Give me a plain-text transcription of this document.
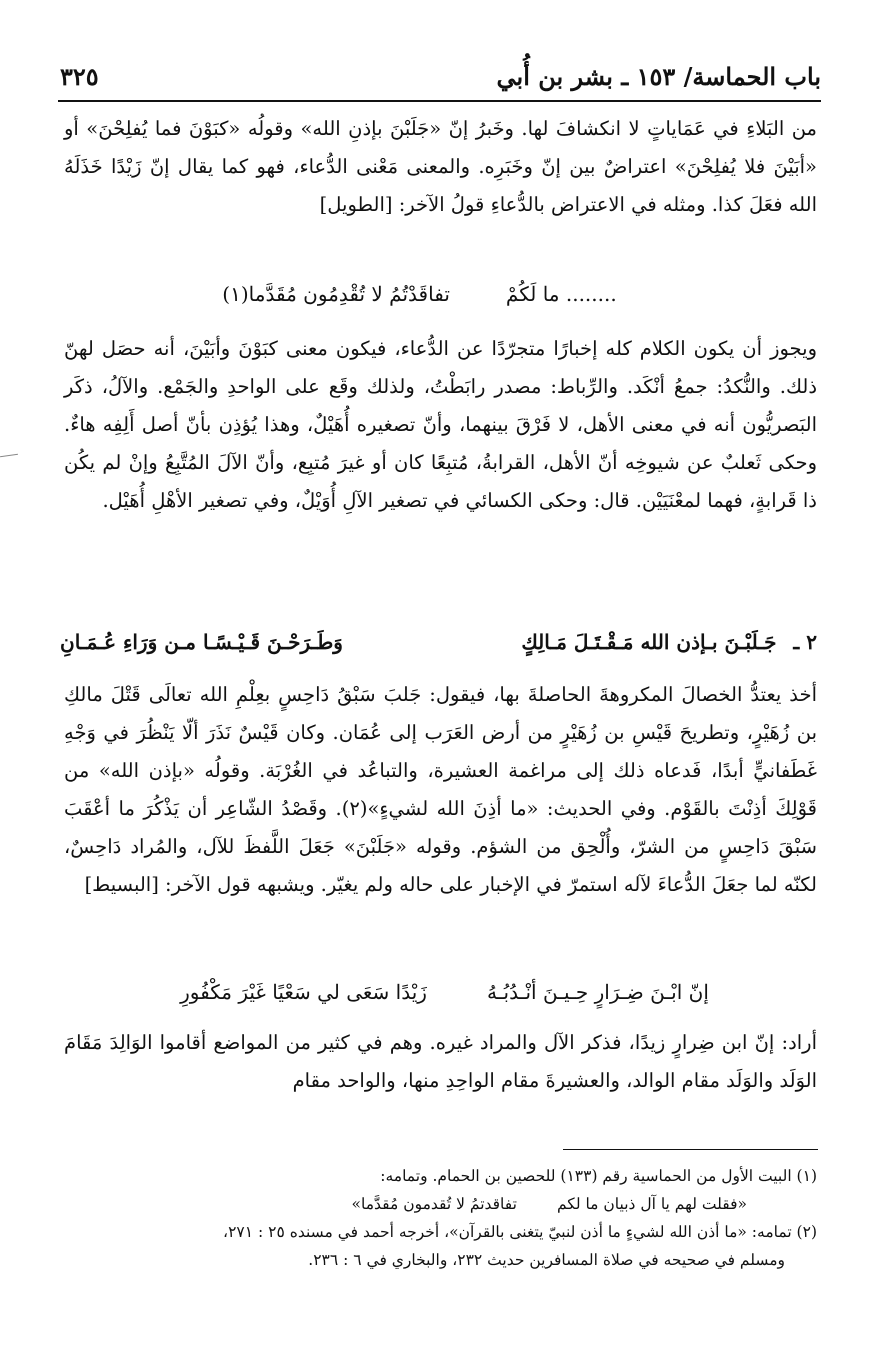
باب الحماسة/ ١٥٣ ـ بشر بن أُبي
٣٢٥
من البَلاءِ في عَمَاياتٍ لا انكشافَ لها. وخَبرُ إنّ «جَلَبْنَ بإذنِ الله» وقولُه «كبَوْنَ فما يُفلِحْنَ» أو «أبَيْنَ فلا يُفلِحْنَ» اعتراضٌ بين إنّ وخَبَرِه. والمعنى مَعْنى الدُّعاء، فهو كما يقال إنّ زَيْدًا خَذَلَهُ الله فعَلَ كذا. ومثله في الاعتراض بالدُّعاءِ قولُ الآخر: [الطويل]
........ ما لَكُمْ
تفاقَدْتُمُ لا تُقْدِمُون مُقَدَّما(١)
ويجوز أن يكون الكلام كله إخبارًا متجرّدًا عن الدُّعاء، فيكون معنى كبَوْنَ وأبَيْنَ، أنه حصَل لهنّ ذلك. والنُّكدُ: جمعُ أنْكَد. والرِّباط: مصدر رابَطْتُ، ولذلك وقَع على الواحدِ والجَمْع. والآلُ، ذكَر البَصريُّون أنه في معنى الأهل، لا فَرْقَ بينهما، وأنّ تصغيره أُهَيْلٌ، وهذا يُؤذِن بأنّ أصل أَلِفِه هاءٌ. وحكى ثَعلبٌ عن شيوخِه أنّ الأهل، القرابةُ، مُتبِعًا كان أو غيرَ مُتبِع، وأنّ الآلَ المُتَّبِعُ وإنْ لم يكُن ذا قَرابةٍ، فهما لمعْنَيَيْن. قال: وحكى الكسائي في تصغير الآلِ أُوَيْلٌ، وفي تصغير الأهْلِ أُهَيْل.
٢ ـ جَـلَبْـنَ بـإذن الله مَـقْـتَـلَ مَـالِكٍ
وَطَـرَحْـنَ قَـيْـسًـا مـن وَرَاءِ عُـمَـانِ
أخذ يعتدُّ الخصالَ المكروهةَ الحاصلةَ بها، فيقول: جَلبَ سَبْقُ دَاحِسٍ بعِلْمِ الله تعالَى قَتْلَ مالكِ بن زُهَيْرٍ، وتطريحَ قَيْسِ بن زُهَيْرٍ من أرض العَرَب إلى عُمَان. وكان قَيْسٌ نَذَرَ ألّا يَنْظُرَ في وَجْهِ غَطَفانيٍّ أبدًا، فَدعاه ذلك إلى مراغمة العشيرة، والتباعُد في الغُرْبَة. وقولُه «بإذن الله» من قَوْلِكَ أذِنْتَ بالقَوْم. وفي الحديث: «ما أذِنَ الله لشيءٍ»(٢). وقَصْدُ الشّاعِر أن يَذْكُرَ ما أعْقَبَ سَبْقَ دَاحِسٍ من الشرّ، وأُلْحِق من الشؤم. وقوله «جَلَبْنَ» جَعَلَ اللَّفظَ للآل، والمُراد دَاحِسٌ، لكنّه لما جعَلَ الدُّعاءَ لآله استمرّ في الإخبار على حاله ولم يغيّر. ويشبهه قول الآخر: [البسيط]
إنّ ابْـنَ ضِـرَارٍ حِـيـنَ أنْـدُبُـهُ
زَيْدًا سَعَى لي سَعْيًا غَيْرَ مَكْفُورِ
أراد: إنّ ابن ضِرارٍ زيدًا، فذكر الآل والمراد غيره. وهم في كثير من المواضع أقاموا الوَالِدَ مَقَامَ الوَلَد والوَلَد مقام الوالد، والعشيرةَ مقام الواحِدِ منها، والواحد مقام

(١) البيت الأول من الحماسية رقم (١٣٣) للحصين بن الحمام. وتمامه:

«فقلت لهم يا آل ذبيان ما لكم
تفاقدتمُ لا تُقدمون مُقدَّما»

(٢) تمامه: «ما أذن الله لشيءٍ ما أذن لنبيّ يتغنى بالقرآن»، أخرجه أحمد في مسنده ٢٥ : ٢٧١،

ومسلم في صحيحه في صلاة المسافرين حديث ٢٣٢، والبخاري في ٦ : ٢٣٦.
